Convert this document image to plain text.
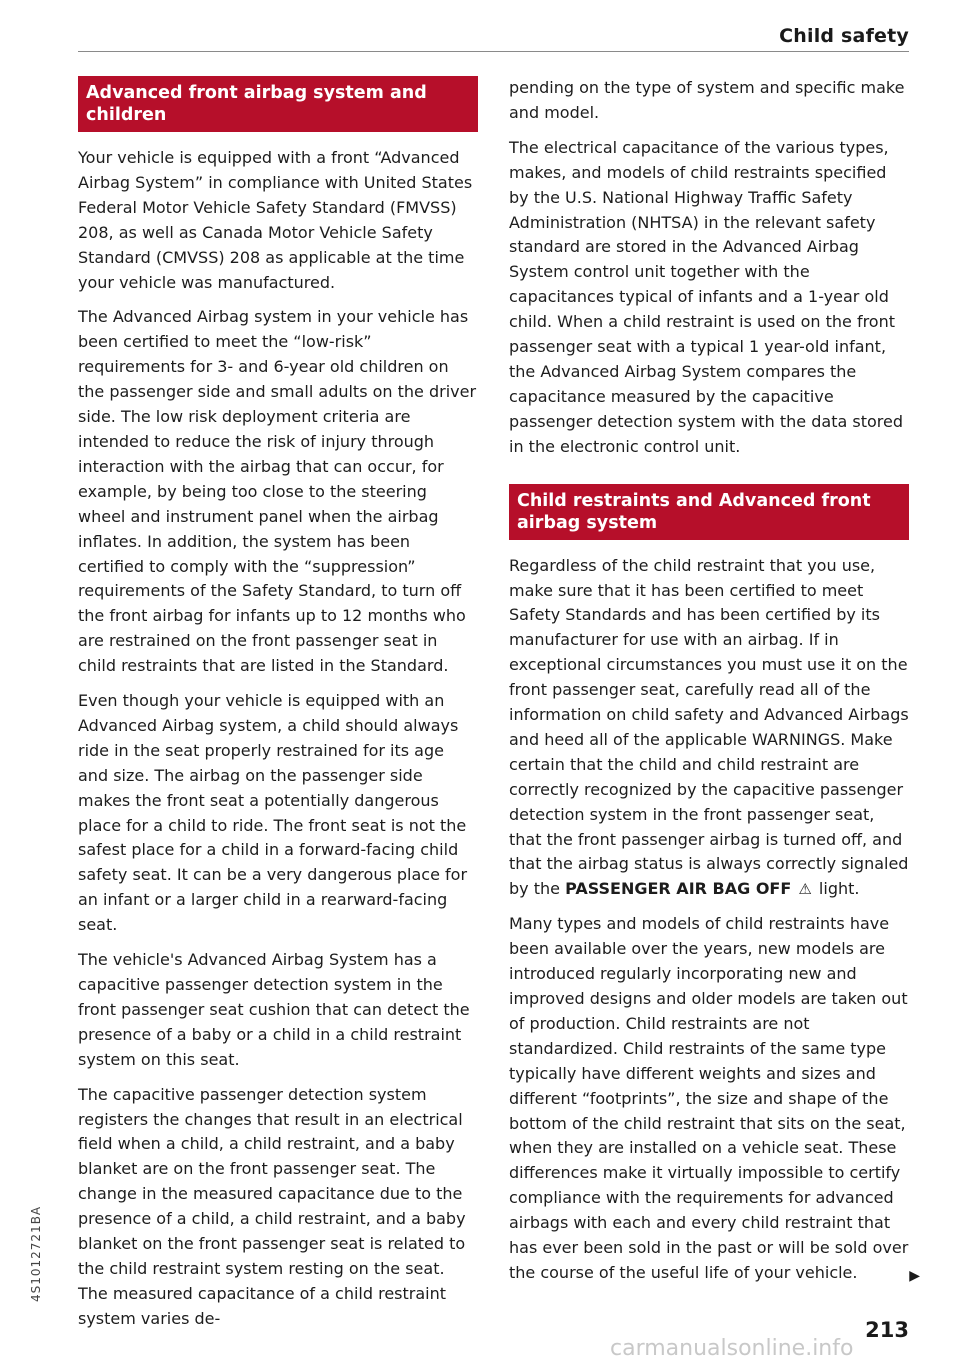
Child safety
Advanced front airbag system and children

Your vehicle is equipped with a front “Advanced Airbag System” in compliance with United States Federal Motor Vehicle Safety Standard (FMVSS) 208, as well as Canada Motor Vehicle Safety Standard (CMVSS) 208 as applicable at the time your vehicle was manufactured.

The Advanced Airbag system in your vehicle has been certified to meet the “low-risk” requirements for 3- and 6-year old children on the passenger side and small adults on the driver side. The low risk deployment criteria are intended to reduce the risk of injury through interaction with the airbag that can occur, for example, by being too close to the steering wheel and instrument panel when the airbag inflates. In addition, the system has been certified to comply with the “suppression” requirements of the Safety Standard, to turn off the front airbag for infants up to 12 months who are restrained on the front passenger seat in child restraints that are listed in the Standard.

Even though your vehicle is equipped with an Advanced Airbag system, a child should always ride in the seat properly restrained for its age and size. The airbag on the passenger side makes the front seat a potentially dangerous place for a child to ride. The front seat is not the safest place for a child in a forward-facing child safety seat. It can be a very dangerous place for an infant or a larger child in a rearward-facing seat.

The vehicle's Advanced Airbag System has a capacitive passenger detection system in the front passenger seat cushion that can detect the presence of a baby or a child in a child restraint system on this seat.

The capacitive passenger detection system registers the changes that result in an electrical field when a child, a child restraint, and a baby blanket are on the front passenger seat. The change in the measured capacitance due to the presence of a child, a child restraint, and a baby blanket on the front passenger seat is related to the child restraint system resting on the seat. The measured capacitance of a child restraint system varies de-

pending on the type of system and specific make and model.

The electrical capacitance of the various types, makes, and models of child restraints specified by the U.S. National Highway Traffic Safety Administration (NHTSA) in the relevant safety standard are stored in the Advanced Airbag System control unit together with the capacitances typical of infants and a 1-year old child. When a child restraint is used on the front passenger seat with a typical 1 year-old infant, the Advanced Airbag System compares the capacitance measured by the capacitive passenger detection system with the data stored in the electronic control unit.

Child restraints and Advanced front airbag system

Regardless of the child restraint that you use, make sure that it has been certified to meet Safety Standards and has been certified by its manufacturer for use with an airbag. If in exceptional circumstances you must use it on the front passenger seat, carefully read all of the information on child safety and Advanced Airbags and heed all of the applicable WARNINGS. Make certain that the child and child restraint are correctly recognized by the capacitive passenger detection system in the front passenger seat, that the front passenger airbag is turned off, and that the airbag status is always correctly signaled by the PASSENGER AIR BAG OFF ⚠ light.

Many types and models of child restraints have been available over the years, new models are introduced regularly incorporating new and improved designs and older models are taken out of production. Child restraints are not standardized. Child restraints of the same type typically have different weights and sizes and different “footprints”, the size and shape of the bottom of the child restraint that sits on the seat, when they are installed on a vehicle seat. These differences make it virtually impossible to certify compliance with the requirements for advanced airbags with each and every child restraint that has ever been sold in the past or will be sold over the course of the useful life of your vehicle.	▶
213
4S1012721BA
carmanualsonline.info
